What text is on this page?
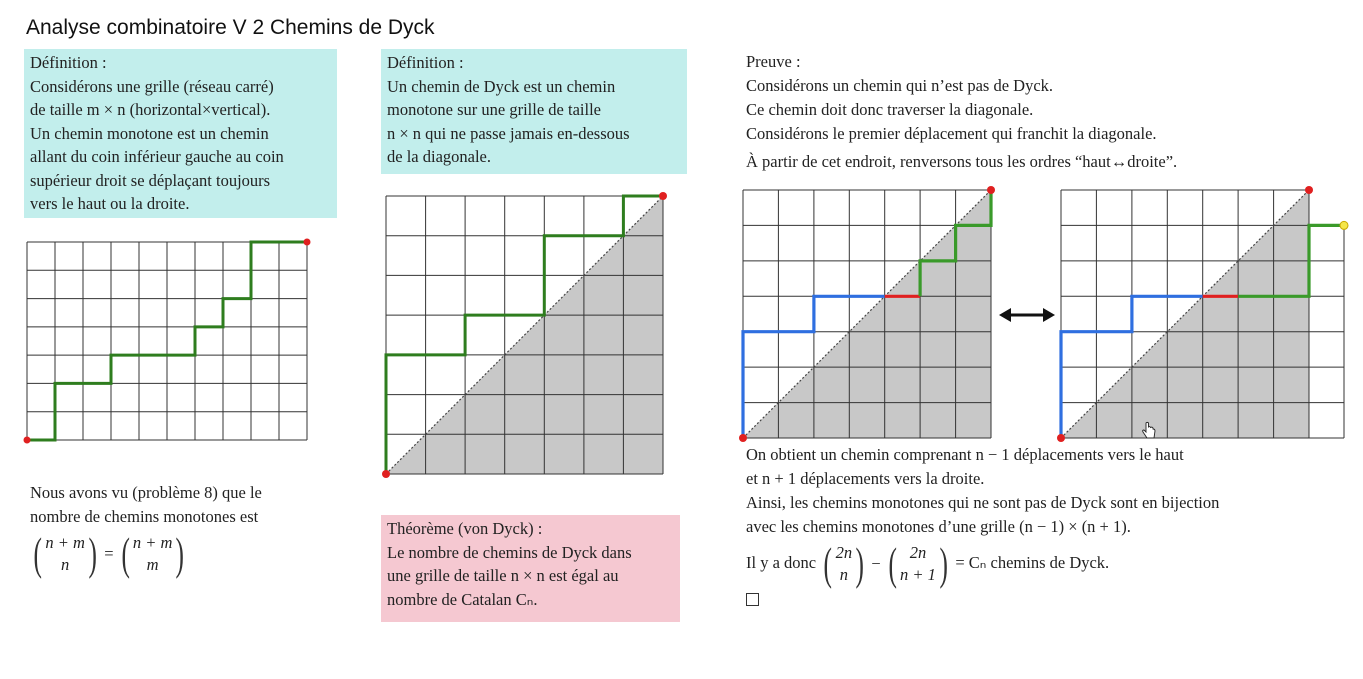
Analyse combinatoire V 2 Chemins de Dyck
Définition :
Considérons une grille (réseau carré)
de taille m × n (horizontal×vertical).
Un chemin monotone est un chemin
allant du coin inférieur gauche au coin
supérieur droit se déplaçant toujours
vers le haut ou la droite.
Définition :
Un chemin de Dyck est un chemin
monotone sur une grille de taille
n × n qui ne passe jamais en-dessous
de la diagonale.
Nous avons vu (problème 8) que le
nombre de chemins monotones est
( n + m
n ) = ( n + m
m )	Théorème (von Dyck) :
Le nombre de chemins de Dyck dans
une grille de taille n × n est égal au
nombre de Catalan Cₙ.
Preuve :
Considérons un chemin qui n’est pas de Dyck.
Ce chemin doit donc traverser la diagonale.
Considérons le premier déplacement qui franchit la diagonale.
À partir de cet endroit, renversons tous les ordres “haut↔droite”.
On obtient un chemin comprenant n − 1 déplacements vers le haut
et n + 1 déplacements vers la droite.
Ainsi, les chemins monotones qui ne sont pas de Dyck sont en bijection
avec les chemins monotones d’une grille (n − 1) × (n + 1).
Il y a donc ( 2n
n ) − ( 2n
n + 1 ) = Cₙ chemins de Dyck.
